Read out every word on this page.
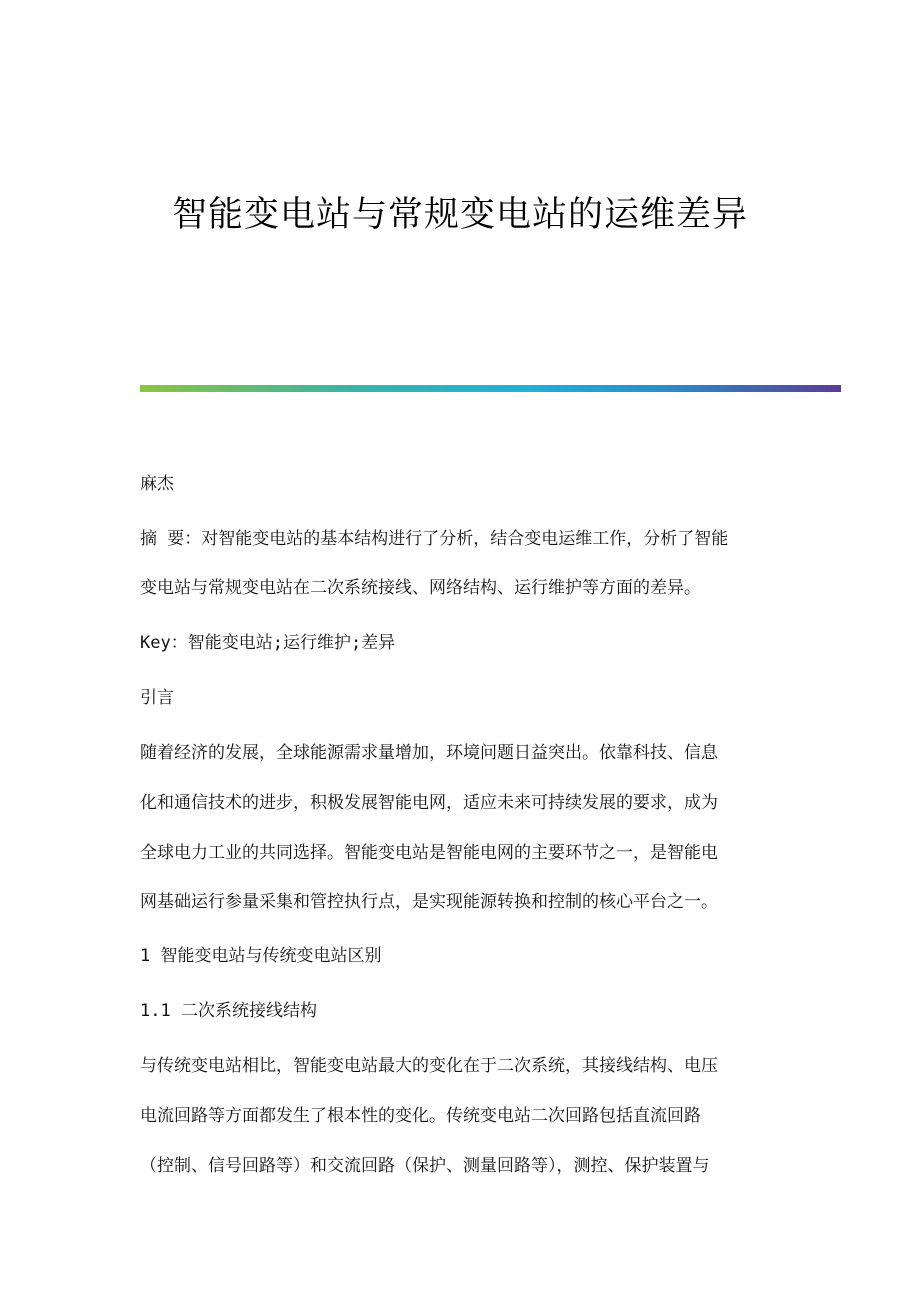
智能变电站与常规变电站的运维差异
麻杰
摘 要：对智能变电站的基本结构进行了分析，结合变电运维工作，分析了智能
变电站与常规变电站在二次系统接线、网络结构、运行维护等方面的差异。
Key：智能变电站;运行维护;差异
引言
随着经济的发展，全球能源需求量增加，环境问题日益突出。依靠科技、信息
化和通信技术的进步，积极发展智能电网，适应未来可持续发展的要求，成为
全球电力工业的共同选择。智能变电站是智能电网的主要环节之一，是智能电
网基础运行参量采集和管控执行点，是实现能源转换和控制的核心平台之一。
1 智能变电站与传统变电站区别
1.1 二次系统接线结构
与传统变电站相比，智能变电站最大的变化在于二次系统，其接线结构、电压
电流回路等方面都发生了根本性的变化。传统变电站二次回路包括直流回路
（控制、信号回路等）和交流回路（保护、测量回路等），测控、保护装置与
